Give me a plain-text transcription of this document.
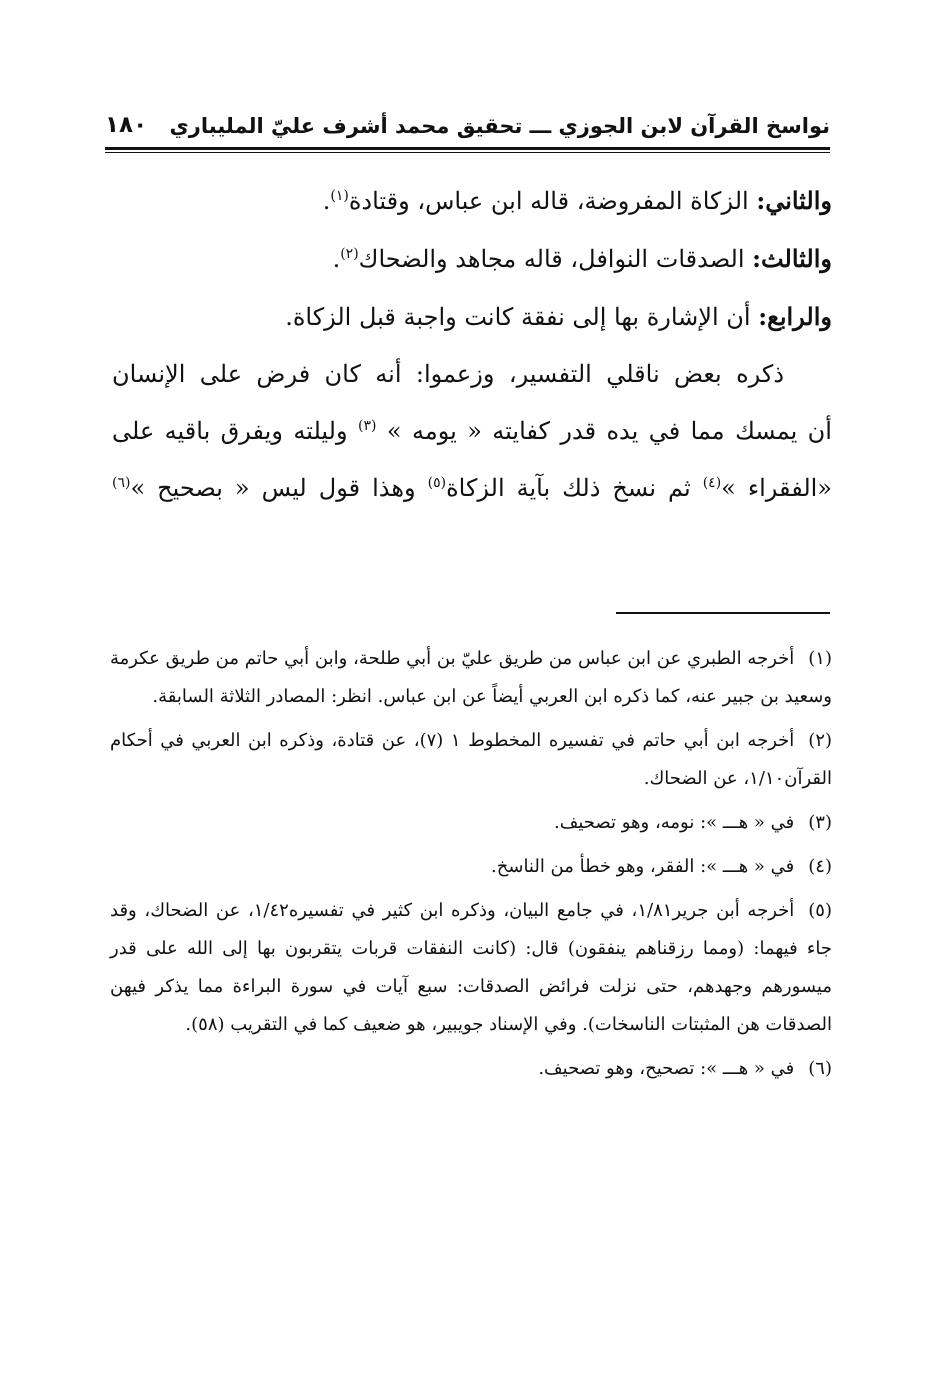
نواسخ القرآن لابن الجوزي ـــ تحقيق محمد أشرف عليّ المليباري
١٨٠

والثاني: الزكاة المفروضة، قاله ابن عباس، وقتادة$^{(١)}$.

والثالث: الصدقات النوافل، قاله مجاهد والضحاك$^{(٢)}$.

والرابع: أن الإشارة بها إلى نفقة كانت واجبة قبل الزكاة.

ذكره بعض ناقلي التفسير، وزعموا: أنه كان فرض على الإنسان

أن يمسك مما في يده قدر كفايته « يومه » $^{(٣)}$ وليلته ويفرق باقيه على

«الفقراء »$^{(٤)}$ ثم نسخ ذلك بآية الزكاة$^{(٥)}$ وهذا قول ليس « بصحيح »$^{(٦)}$

(١)أخرجه الطبري عن ابن عباس من طريق عليّ بن أبي طلحة، وابن أبي حاتم من طريق عكرمة وسعيد بن جبير عنه، كما ذكره ابن العربي أيضاً عن ابن عباس. انظر: المصادر الثلاثة السابقة.

(٢)أخرجه ابن أبي حاتم في تفسيره المخطوط ١ (٧)، عن قتادة، وذكره ابن العربي في أحكام القرآن١/١٠، عن الضحاك.

(٣)في « هـــ »: نومه، وهو تصحيف.

(٤)في « هـــ »: الفقر، وهو خطأ من الناسخ.

(٥)أخرجه أبن جرير١/٨١، في جامع البيان، وذكره ابن كثير في تفسيره١/٤٢، عن الضحاك، وقد جاء فيهما: (ومما رزقناهم ينفقون) قال: (كانت النفقات قربات يتقربون بها إلى الله على قدر ميسورهم وجهدهم، حتى نزلت فرائض الصدقات: سبع آيات في سورة البراءة مما يذكر فيهن الصدقات هن المثبتات الناسخات). وفي الإسناد جويبير، هو ضعيف كما في التقريب (٥٨).

(٦)في « هـــ »: تصحيح، وهو تصحيف.
